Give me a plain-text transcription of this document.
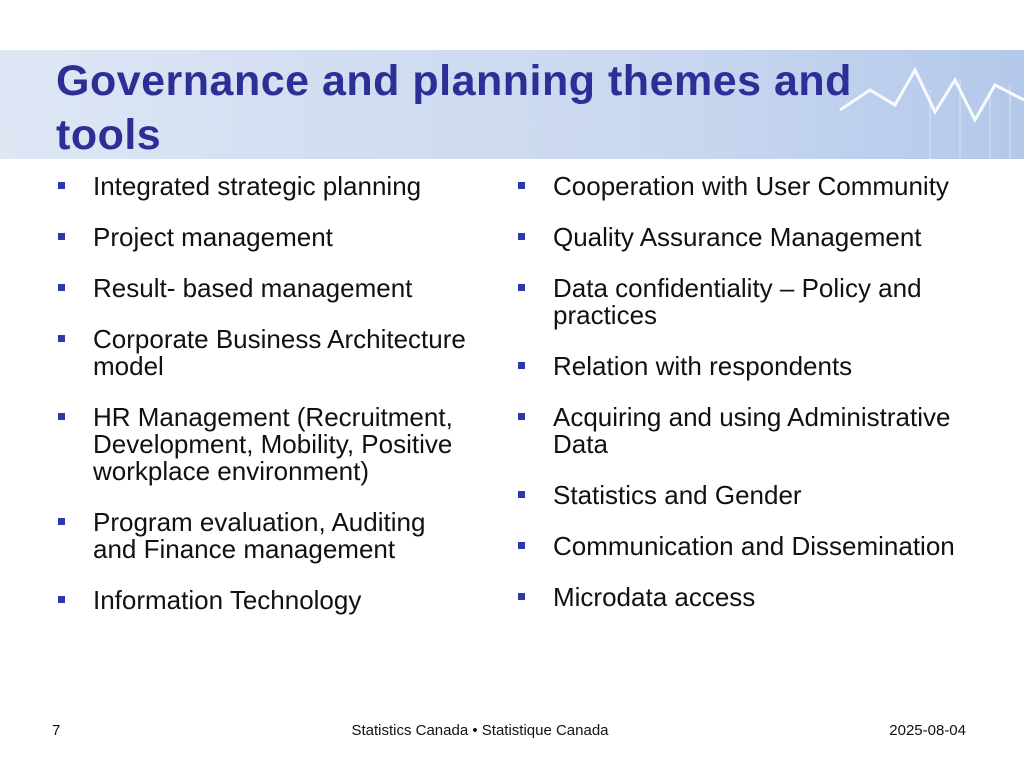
Governance and planning themes and tools
Integrated strategic planning
Project management
Result- based management
Corporate Business Architecture model
HR Management (Recruitment, Development, Mobility, Positive workplace environment)
Program evaluation, Auditing and Finance management
Information Technology
Cooperation with User Community
Quality Assurance Management
Data confidentiality – Policy and practices
Relation with respondents
Acquiring and using Administrative Data
Statistics and Gender
Communication and Dissemination
Microdata access
7	Statistics Canada • Statistique Canada	2025-08-04
